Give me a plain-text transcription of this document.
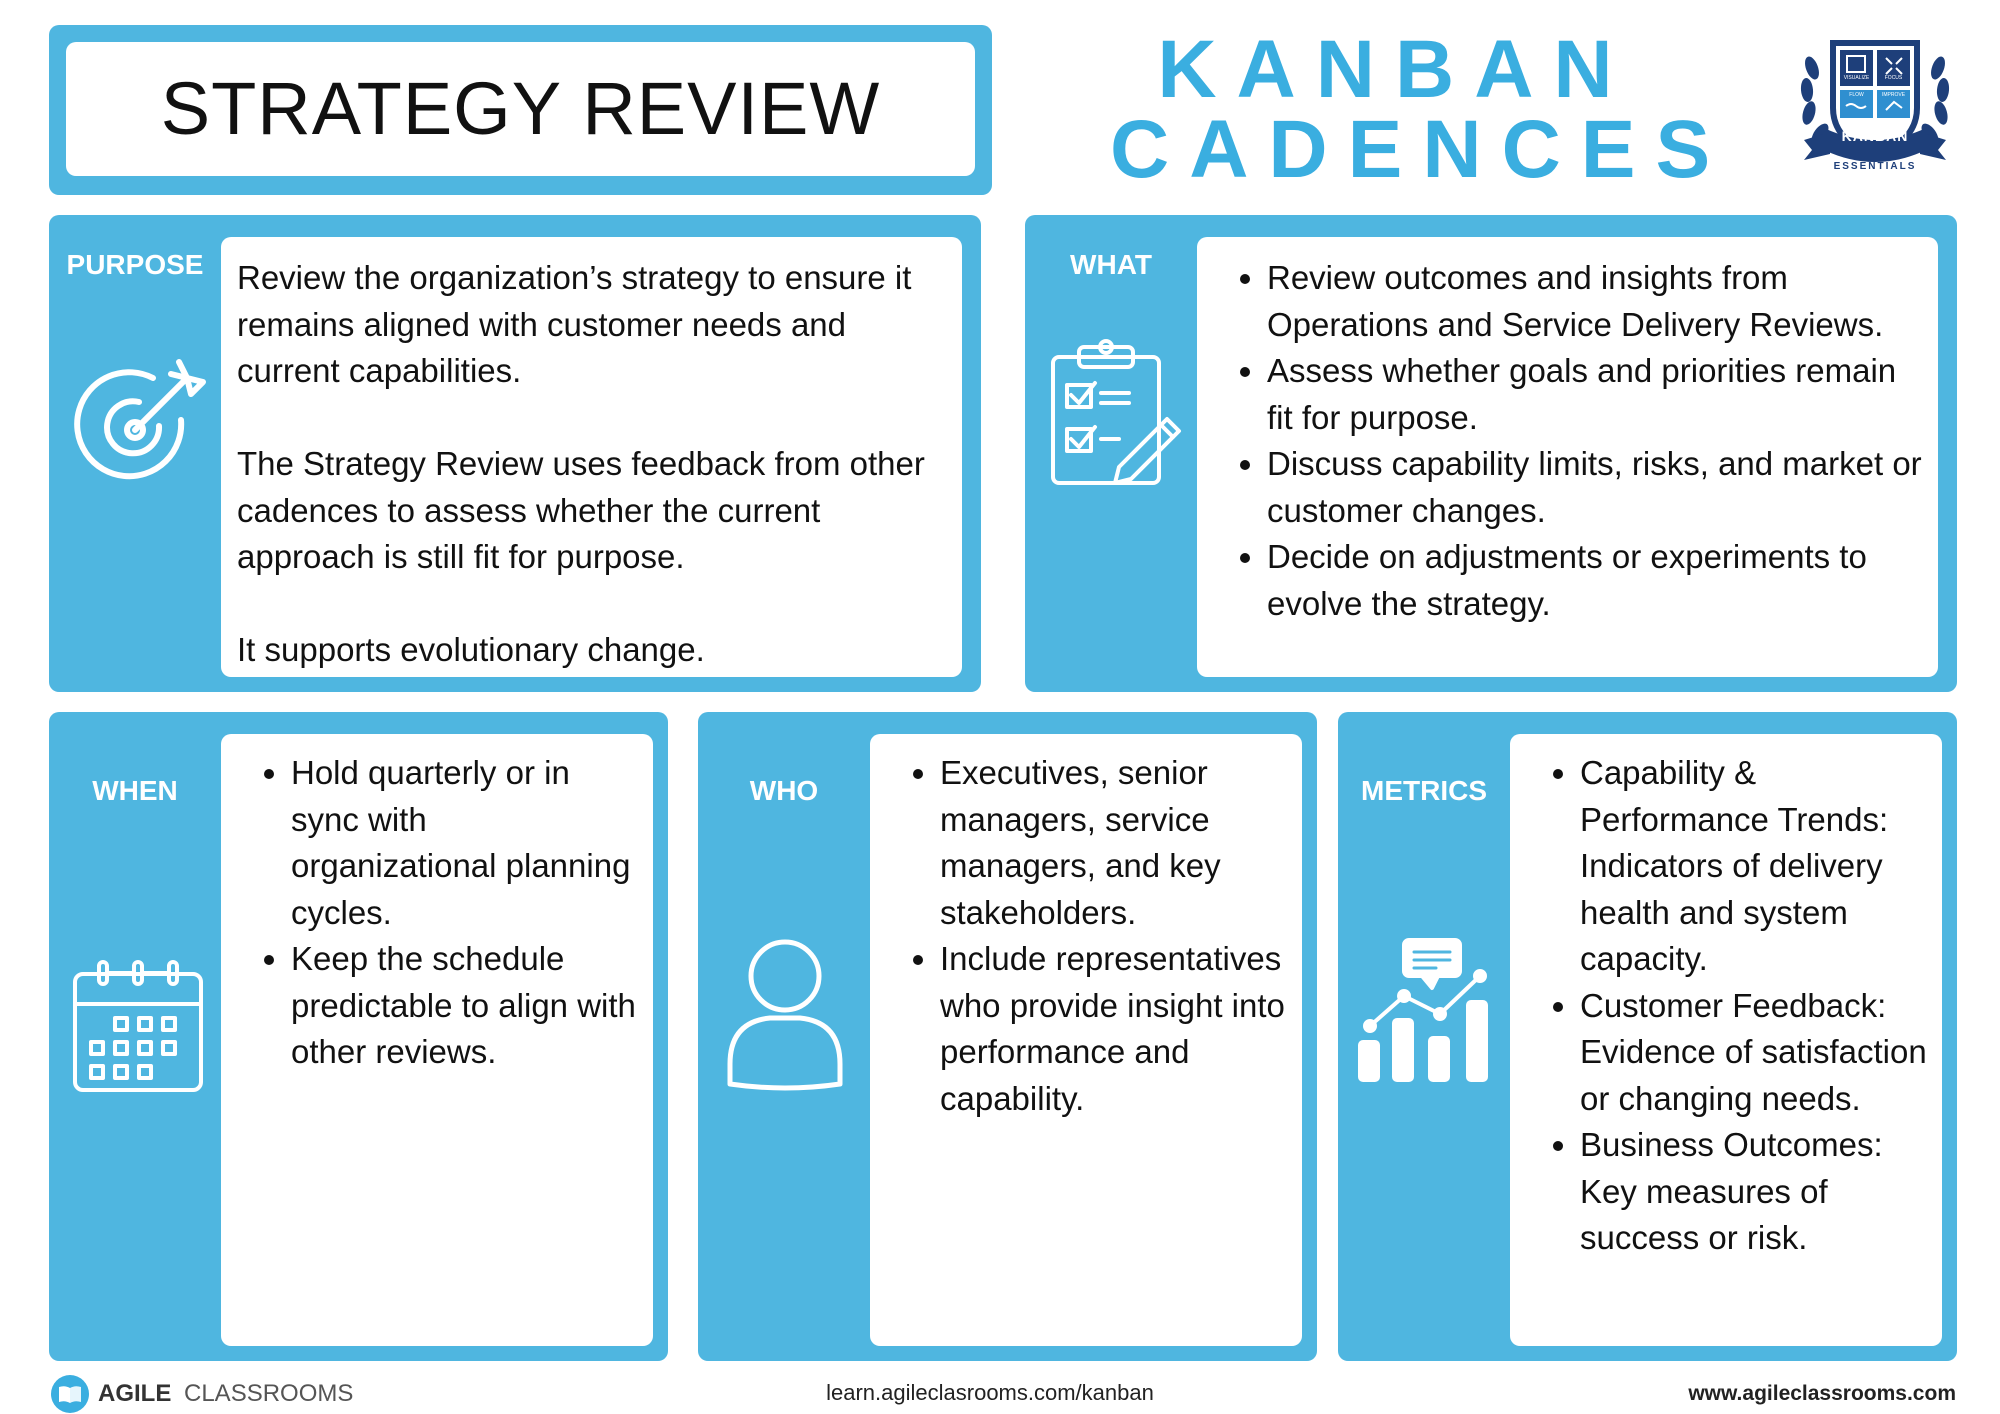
STRATEGY REVIEW	KANBAN
CADENCES	KANBAN
ESSENTIALS
VISUALIZE	FOCUS
FLOW	IMPROVE
PURPOSE	Review the organization’s strategy to ensure it remains aligned with customer needs and current capabilities.

The Strategy Review uses feedback from other cadences to assess whether the current approach is still fit for purpose.

It supports evolutionary change.

WHAT	• Review outcomes and insights from Operations and Service Delivery Reviews.
• Assess whether goals and priorities remain fit for purpose.
• Discuss capability limits, risks, and market or customer changes.
• Decide on adjustments or experiments to evolve the strategy.
WHEN	• Hold quarterly or in sync with organizational planning cycles.
• Keep the schedule predictable to align with other reviews.
WHO	• Executives, senior managers, service managers, and key stakeholders.
• Include representatives who provide insight into performance and capability.
METRICS	• Capability & Performance Trends: Indicators of delivery health and system capacity.
• Customer Feedback: Evidence of satisfaction or changing needs.
• Business Outcomes: Key measures of success or risk.
AGILE CLASSROOMS	learn.agileclasrooms.com/kanban	www.agileclassrooms.com
